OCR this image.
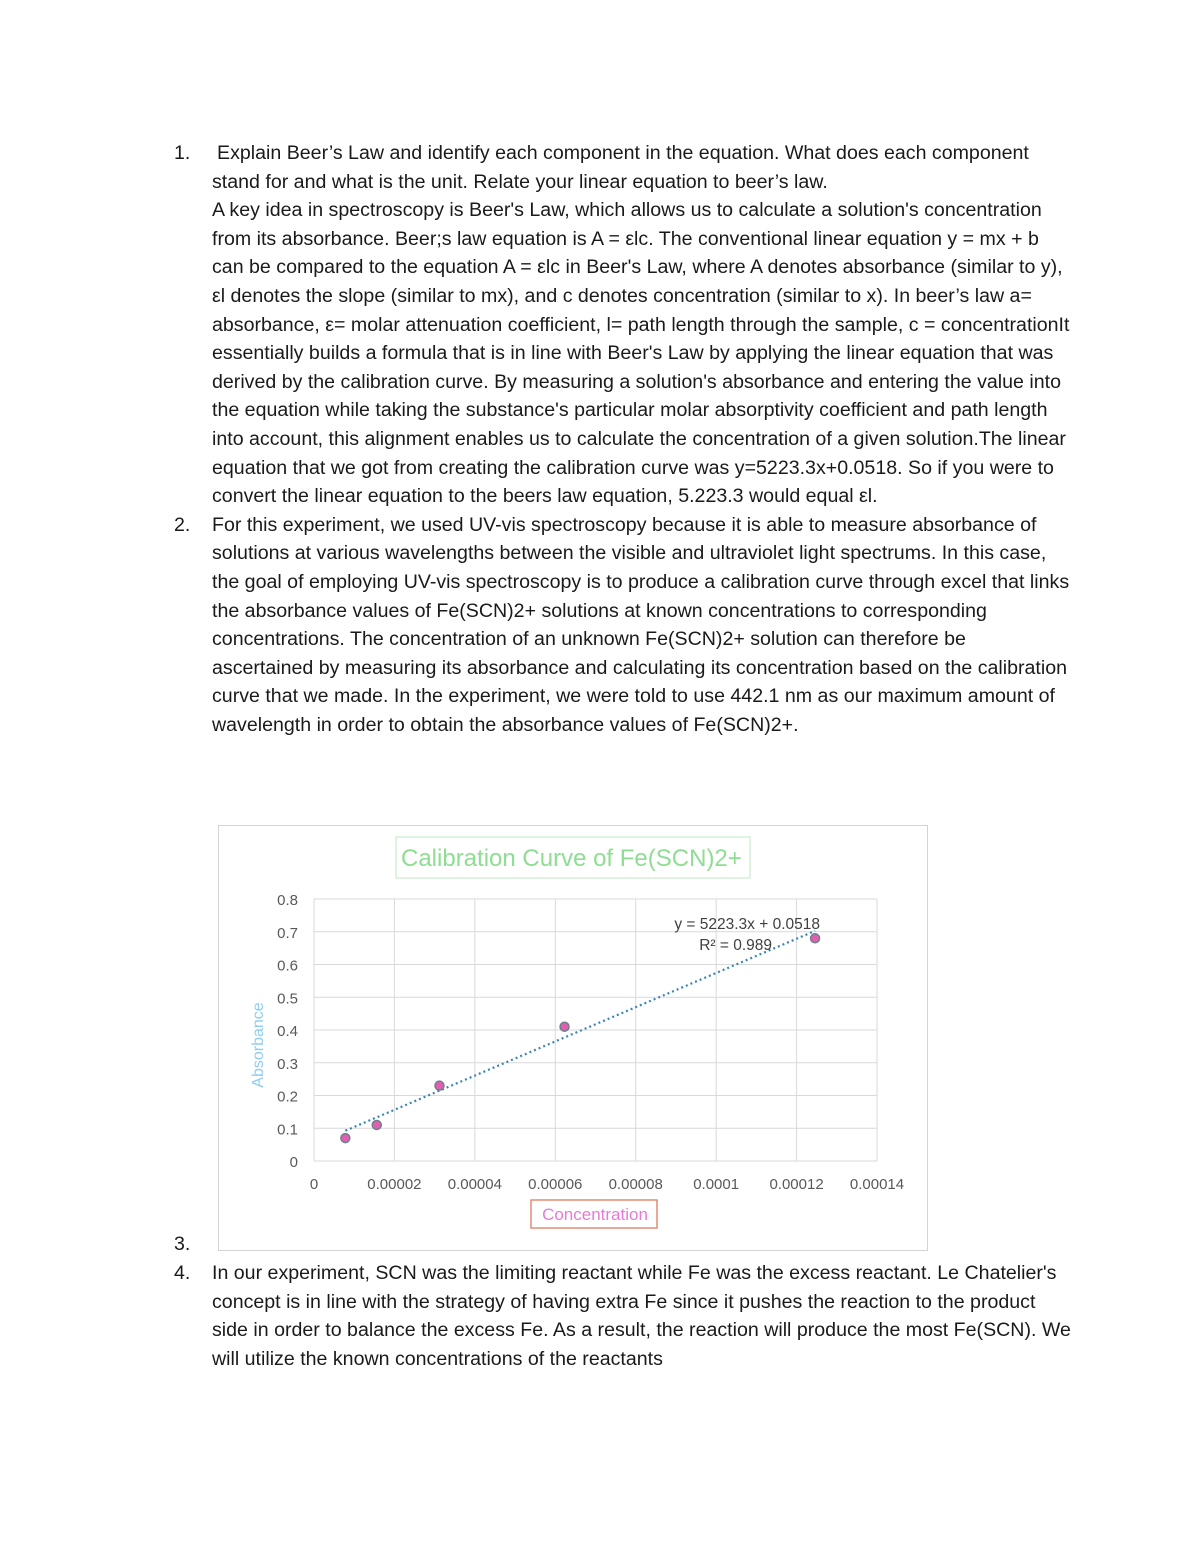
1. Explain Beer’s Law and identify each component in the equation. What does each component stand for and what is the unit. Relate your linear equation to beer’s law.
A key idea in spectroscopy is Beer's Law, which allows us to calculate a solution's concentration from its absorbance. Beer;s law equation is A = εlc. The conventional linear equation y = mx + b can be compared to the equation A = εlc in Beer's Law, where A denotes absorbance (similar to y), εl denotes the slope (similar to mx), and c denotes concentration (similar to x). In beer’s law a= absorbance, ε= molar attenuation coefficient, l= path length through the sample, c = concentrationIt essentially builds a formula that is in line with Beer's Law by applying the linear equation that was derived by the calibration curve. By measuring a solution's absorbance and entering the value into the equation while taking the substance's particular molar absorptivity coefficient and path length into account, this alignment enables us to calculate the concentration of a given solution.The linear equation that we got from creating the calibration curve was y=5223.3x+0.0518. So if you were to convert the linear equation to the beers law equation, 5.223.3 would equal εl.
2. For this experiment, we used UV-vis spectroscopy because it is able to measure absorbance of solutions at various wavelengths between the visible and ultraviolet light spectrums. In this case, the goal of employing UV-vis spectroscopy is to produce a calibration curve through excel that links the absorbance values of Fe(SCN)2+ solutions at known concentrations to corresponding concentrations. The concentration of an unknown Fe(SCN)2+ solution can therefore be ascertained by measuring its absorbance and calculating its concentration based on the calibration curve that we made. In the experiment, we were told to use 442.1 nm as our maximum amount of wavelength in order to obtain the absorbance values of Fe(SCN)2+.
Calibration Curve of Fe(SCN)2+
0
0.1
0.2
0.3
0.4
0.5
0.6
0.7
0.8
0	0.00002 0.00004 0.00006 0.00008 0.0001 0.00012 0.00014
Absorbance
Concentration
y = 5223.3x + 0.0518
R² = 0.989
3.
4. In our experiment, SCN was the limiting reactant while Fe was the excess reactant. Le Chatelier's concept is in line with the strategy of having extra Fe since it pushes the reaction to the product side in order to balance the excess Fe. As a result, the reaction will produce the most Fe(SCN). We will utilize the known concentrations of the reactants
